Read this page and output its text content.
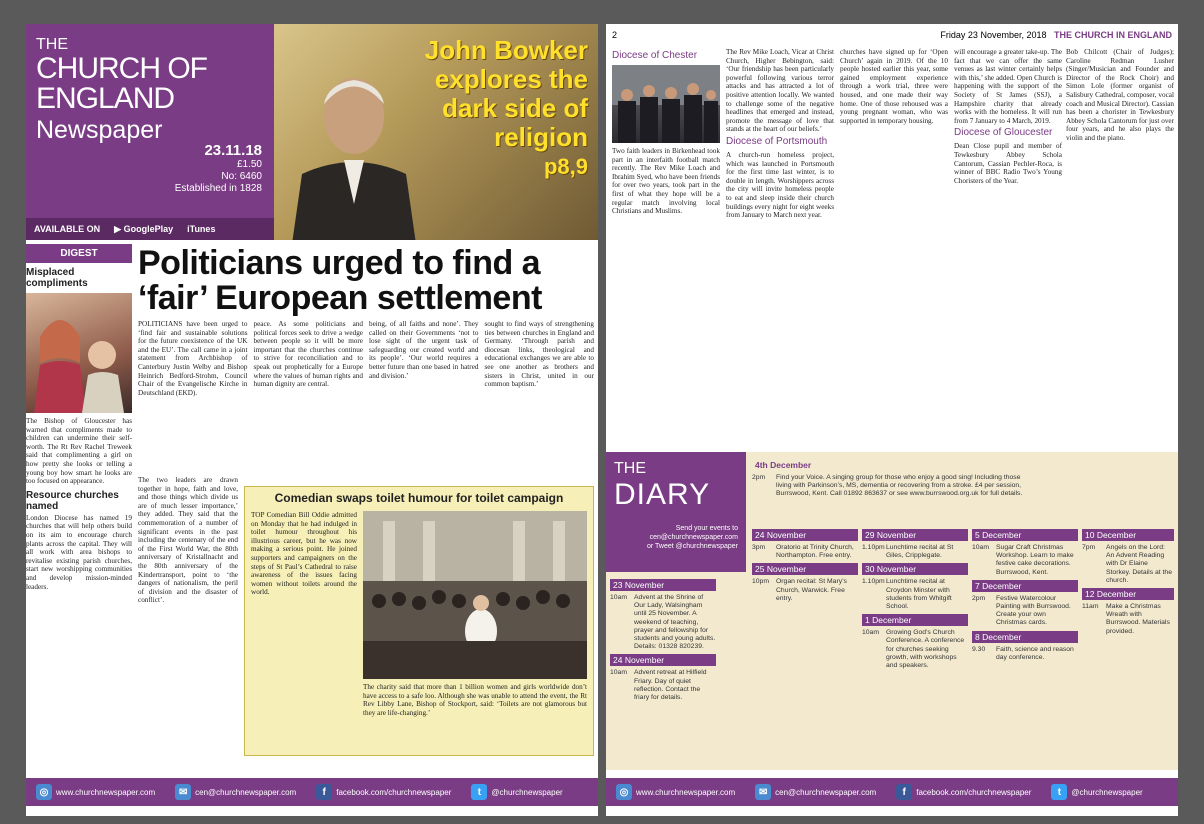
THE
CHURCH OF
ENGLAND
Newspaper
23.11.18
£1.50
No: 6460
Established in 1828
AVAILABLE ON ▶ GooglePlay iTunes
John Bowker
explores the
dark side of
religion
p8,9
DIGEST
Misplaced compliments

The Bishop of Gloucester has warned that compliments made to children can undermine their self-worth. The Rt Rev Rachel Treweek said that complimenting a girl on how pretty she looks or telling a young boy how smart he looks are too focused on appearance.

Resource churches named

London Diocese has named 19 churches that will help others build on its aim to encourage church plants across the capital. They will all work with area bishops to revitalise existing parish churches, start new worshipping communities and develop mission-minded leaders.

Politicians urged to find a ‘fair’ European settlement

POLITICIANS have been urged to ‘find fair and sustainable solutions for the future coexistence of the UK and the EU’. The call came in a joint statement from Archbishop of Canterbury Justin Welby and Bishop Heinrich Bedford-Strohm, Council Chair of the Evangelische Kirche in Deutschland (EKD).

peace. As some politicians and political forces seek to drive a wedge between people so it will be more important that the churches continue to strive for reconciliation and to speak out prophetically for a Europe where the values of human rights and human dignity are central.

being, of all faiths and none’. They called on their Governments ‘not to lose sight of the urgent task of safeguarding our created world and its people’. ‘Our world requires a better future than one based in hatred and division.’

sought to find ways of strengthening ties between churches in England and Germany. ‘Through parish and diocesan links, theological and educational exchanges we are able to see one another as brothers and sisters in Christ, united in our common baptism.’

The two leaders are drawn together in hope, faith and love, and those things which divide us are of much lesser importance,’ they added. They said that the commemoration of a number of significant events in the past including the centenary of the end of the First World War, the 80th anniversary of Kristallnacht and the 80th anniversary of the Kindertransport, point to ‘the dangers of nationalism, the peril of division and the disaster of conflict’.

Comedian swaps toilet humour for toilet campaign

TOP Comedian Bill Oddie admitted on Monday that he had indulged in toilet humour throughout his illustrious career, but he was now making a serious point. He joined supporters and campaigners on the steps of St Paul’s Cathedral to raise awareness of the issues facing women without toilets around the world.

The charity said that more than 1 billion women and girls worldwide don’t have access to a safe loo. Although she was unable to attend the event, the Rt Rev Libby Lane, Bishop of Stockport, said: ‘Toilets are not glamorous but they are life-changing.’

◎ www.churchnewspaper.com	✉ cen@churchnewspaper.com	f	facebook.com/churchnewspaper	t	@churchnewspaper
2	Friday 23 November, 2018 THE CHURCH IN ENGLAND
Diocese of Chester

Two faith leaders in Birkenhead took part in an interfaith football match recently. The Rev Mike Loach and Ibrahim Syed, who have been friends for over two years, took part in the first of what they hope will be a regular match involving local Christians and Muslims.

The Rev Mike Loach, Vicar at Christ Church, Higher Bebington, said: ‘Our friendship has been particularly powerful following various terror attacks and has attracted a lot of positive attention locally. We wanted to challenge some of the negative headlines that emerged and instead, promote the message of love that stands at the heart of our beliefs.’

Diocese of Portsmouth

A church-run homeless project, which was launched in Portsmouth for the first time last winter, is to double in length. Worshippers across the city will invite homeless people to eat and sleep inside their church buildings every night for eight weeks from January to March next year.

churches have signed up for ‘Open Church’ again in 2019. Of the 10 people hosted earlier this year, some gained employment experience through a work trial, three were housed, and one made their way home. One of those rehoused was a young pregnant woman, who was supported in temporary housing.

will encourage a greater take-up. The fact that we can offer the same venues as last winter certainly helps with this,’ she added. Open Church is happening with the support of the Society of St James (SSJ), a Hampshire charity that already works with the homeless. It will run from 7 January to 4 March, 2019.

Diocese of Gloucester

Dean Close pupil and member of Tewkesbury Abbey Schola Cantorum, Cassian Pechler-Roca, is winner of BBC Radio Two’s Young Choristers of the Year.

Bob Chilcott (Chair of Judges); Caroline Redman Lusher (Singer/Musician and Founder and Director of the Rock Choir) and Simon Lole (former organist of Salisbury Cathedral, composer, vocal coach and Musical Director). Cassian has been a chorister in Tewkesbury Abbey Schola Cantorum for just over four years, and he also plays the violin and the piano.

THE
DIARY
Send your events to
cen@churchnewspaper.com
or Tweet @churchnewspaper
23 November
10am	Advent at the Shrine of Our Lady, Walsingham until 25 November. A weekend of teaching, prayer and fellowship for students and young adults. Details: 01328 820239.
24 November
10am	Advent retreat at Hilfield Friary. Day of quiet reflection. Contact the friary for details.
4th December
2pm	Find your Voice. A singing group for those who enjoy a good sing! Including those living with Parkinson’s, MS, dementia or recovering from a stroke. £4 per session, Burrswood, Kent. Call 01892 863637 or see www.burrswood.org.uk for full details.
24 November
3pm	Oratorio at Trinity Church, Northampton. Free entry.
25 November
10pm	Organ recital: St Mary’s Church, Warwick. Free entry.
29 November
1.10pm Lunchtime recital at St Giles, Cripplegate.
30 November
1.10pm Lunchtime recital at Croydon Minster with students from Whitgift School.
1 December
10am	Growing God’s Church Conference. A conference for churches seeking growth, with workshops and speakers.
5 December
10am	Sugar Craft Christmas Workshop. Learn to make festive cake decorations. Burrswood, Kent.
7 December
2pm	Festive Watercolour Painting with Burrswood. Create your own Christmas cards.
8 December
9.30	Faith, science and reason day conference.
10 December
7pm	Angels on the Lord: An Advent Reading with Dr Elaine Storkey. Details at the church.
12 December
11am	Make a Christmas Wreath with Burrswood. Materials provided.
◎ www.churchnewspaper.com	✉ cen@churchnewspaper.com	f	facebook.com/churchnewspaper	t	@churchnewspaper
